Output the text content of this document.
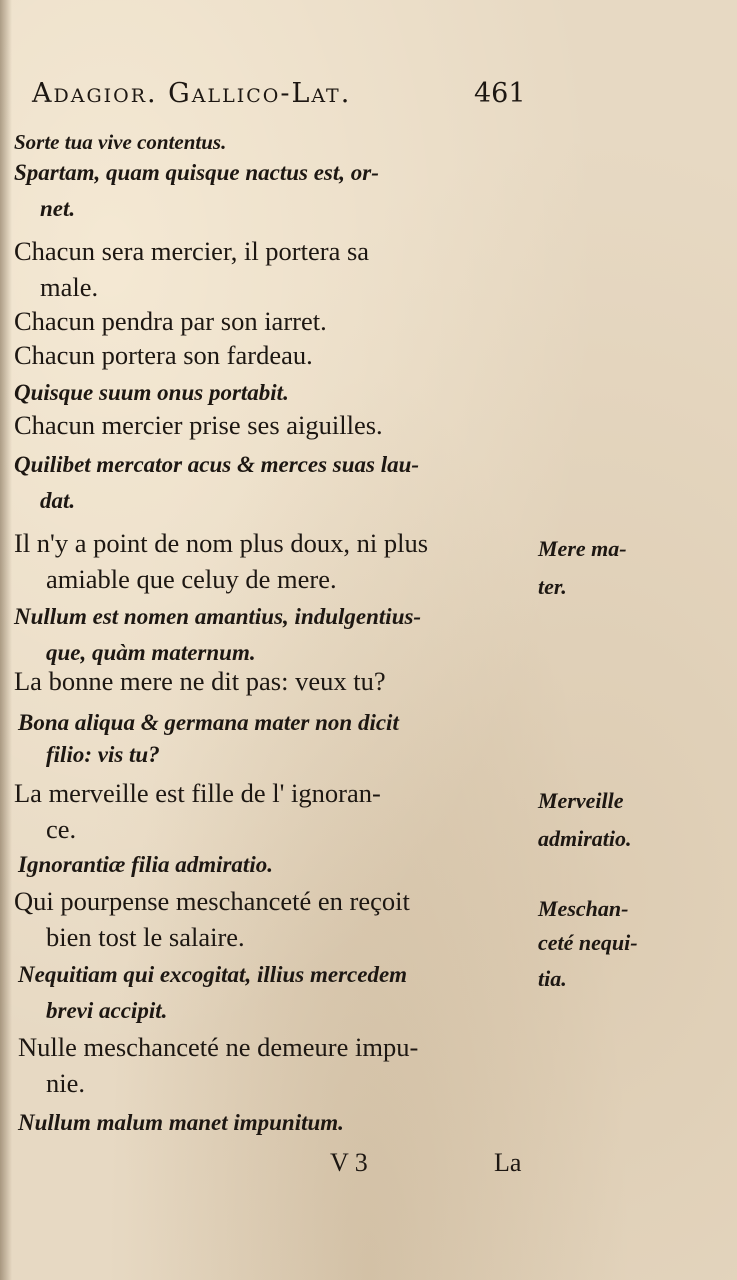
Adagior. Gallico-Lat.	461
Sorte tua vive contentus.
Spartam, quam quisque nactus est, or-
net.
Chacun sera mercier, il portera sa
male.
Chacun pendra par son iarret.
Chacun portera son fardeau.
Quisque suum onus portabit.
Chacun mercier prise ses aiguilles.
Quilibet mercator acus & merces suas lau-
dat.
Il n'y a point de nom plus doux, ni plus
amiable que celuy de mere.
Nullum est nomen amantius, indulgentius-
que, quàm maternum.
La bonne mere ne dit pas: veux tu?
Bona aliqua & germana mater non dicit
filio: vis tu?
La merveille est fille de l' ignoran-
ce.
Ignorantiæ filia admiratio.
Qui pourpense meschanceté en reçoit
bien tost le salaire.
Nequitiam qui excogitat, illius mercedem
brevi accipit.
Nulle meschanceté ne demeure impu-
nie.
Nullum malum manet impunitum.
Mere ma-
ter.
Merveille
admiratio.
Meschan-
ceté nequi-
tia.
V 3	La
